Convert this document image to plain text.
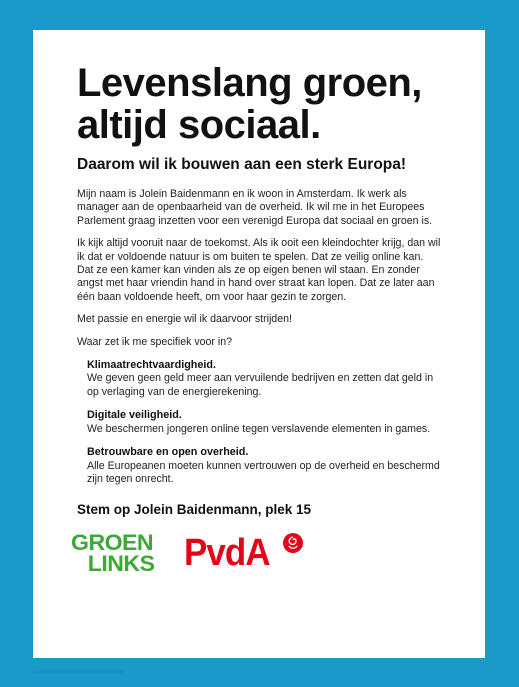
Levenslang groen,
altijd sociaal.
Daarom wil ik bouwen aan een sterk Europa!

Mijn naam is Jolein Baidenmann en ik woon in Amsterdam. Ik werk als manager aan de openbaarheid van de overheid. Ik wil me in het Europees Parlement graag inzetten voor een verenigd Europa dat sociaal en groen is.

Ik kijk altijd vooruit naar de toekomst. Als ik ooit een kleindochter krijg, dan wil ik dat er voldoende natuur is om buiten te spelen. Dat ze veilig online kan. Dat ze een kamer kan vinden als ze op eigen benen wil staan. En zonder angst met haar vriendin hand in hand over straat kan lopen. Dat ze later aan één baan voldoende heeft, om voor haar gezin te zorgen.

Met passie en energie wil ik daarvoor strijden!

Waar zet ik me specifiek voor in?

Klimaatrechtvaardigheid.
We geven geen geld meer aan vervuilende bedrijven en zetten dat geld in op verlaging van de energierekening.
Digitale veiligheid.
We beschermen jongeren online tegen verslavende elementen in games.
Betrouwbare en open overheid.
Alle Europeanen moeten kunnen vertrouwen op de overheid en beschermd zijn tegen onrecht.
Stem op Jolein Baidenmann, plek 15
GROEN
LINKS PvdA
